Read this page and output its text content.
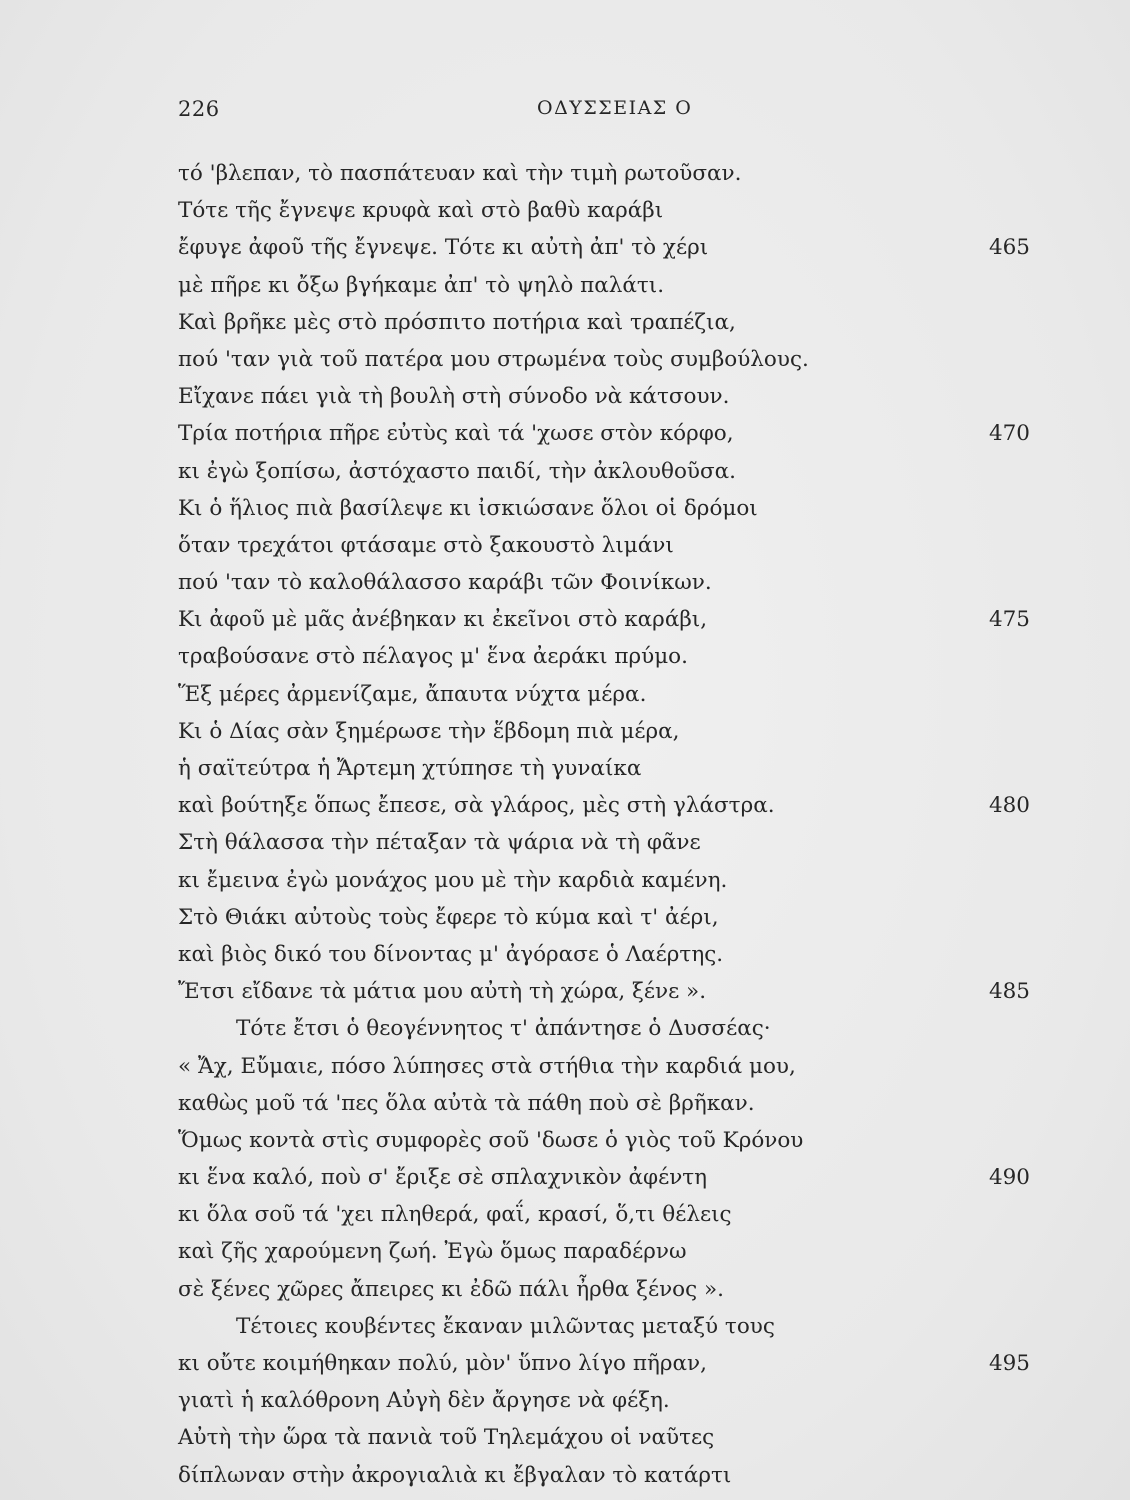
226	ΟΔΥΣΣΕΙΑΣ Ο
τό 'βλεπαν, τὸ πασπάτευαν καὶ τὴν τιμὴ ρωτοῦσαν.
Τότε τῆς ἔγνεψε κρυφὰ καὶ στὸ βαθὺ καράβι
ἔφυγε ἀφοῦ τῆς ἔγνεψε. Τότε κι αὐτὴ ἀπ' τὸ χέρι	465
μὲ πῆρε κι ὄξω βγήκαμε ἀπ' τὸ ψηλὸ παλάτι.
Καὶ βρῆκε μὲς στὸ πρόσπιτο ποτήρια καὶ τραπέζια,
πού 'ταν γιὰ τοῦ πατέρα μου στρωμένα τοὺς συμβούλους.
Εἴχανε πάει γιὰ τὴ βουλὴ στὴ σύνοδο νὰ κάτσουν.
Τρία ποτήρια πῆρε εὐτὺς καὶ τά 'χωσε στὸν κόρφο,	470
κι ἐγὼ ξοπίσω, ἀστόχαστο παιδί, τὴν ἀκλουθοῦσα.
Κι ὁ ἥλιος πιὰ βασίλεψε κι ἰσκιώσανε ὅλοι οἱ δρόμοι
ὅταν τρεχάτοι φτάσαμε στὸ ξακουστὸ λιμάνι
πού 'ταν τὸ καλοθάλασσο καράβι τῶν Φοινίκων.
Κι ἀφοῦ μὲ μᾶς ἀνέβηκαν κι ἐκεῖνοι στὸ καράβι,	475
τραβούσανε στὸ πέλαγος μ' ἕνα ἀεράκι πρύμο.
Ἕξ μέρες ἀρμενίζαμε, ἄπαυτα νύχτα μέρα.
Κι ὁ Δίας σὰν ξημέρωσε τὴν ἕβδομη πιὰ μέρα,
ἡ σαϊτεύτρα ἡ Ἄρτεμη χτύπησε τὴ γυναίκα
καὶ βούτηξε ὅπως ἔπεσε, σὰ γλάρος, μὲς στὴ γλάστρα.	480
Στὴ θάλασσα τὴν πέταξαν τὰ ψάρια νὰ τὴ φᾶνε
κι ἔμεινα ἐγὼ μονάχος μου μὲ τὴν καρδιὰ καμένη.
Στὸ Θιάκι αὐτοὺς τοὺς ἔφερε τὸ κύμα καὶ τ' ἀέρι,
καὶ βιὸς δικό του δίνοντας μ' ἀγόρασε ὁ Λαέρτης.
Ἔτσι εἴδανε τὰ μάτια μου αὐτὴ τὴ χώρα, ξένε ».	485
Τότε ἔτσι ὁ θεογέννητος τ' ἀπάντησε ὁ Δυσσέας·
« Ἄχ, Εὔμαιε, πόσο λύπησες στὰ στήθια τὴν καρδιά μου,
καθὼς μοῦ τά 'πες ὅλα αὐτὰ τὰ πάθη ποὺ σὲ βρῆκαν.
Ὅμως κοντὰ στὶς συμφορὲς σοῦ 'δωσε ὁ γιὸς τοῦ Κρόνου
κι ἕνα καλό, ποὺ σ' ἔριξε σὲ σπλαχνικὸν ἀφέντη	490
κι ὅλα σοῦ τά 'χει πληθερά, φαΐ, κρασί, ὅ,τι θέλεις
καὶ ζῆς χαρούμενη ζωή. Ἐγὼ ὅμως παραδέρνω
σὲ ξένες χῶρες ἄπειρες κι ἐδῶ πάλι ἦρθα ξένος ».
Τέτοιες κουβέντες ἔκαναν μιλῶντας μεταξύ τους
κι οὔτε κοιμήθηκαν πολύ, μὸν' ὕπνο λίγο πῆραν,	495
γιατὶ ἡ καλόθρονη Αὐγὴ δὲν ἄργησε νὰ φέξη.
Αὐτὴ τὴν ὥρα τὰ πανιὰ τοῦ Τηλεμάχου οἱ ναῦτες
δίπλωναν στὴν ἀκρογιαλιὰ κι ἔβγαλαν τὸ κατάρτι
